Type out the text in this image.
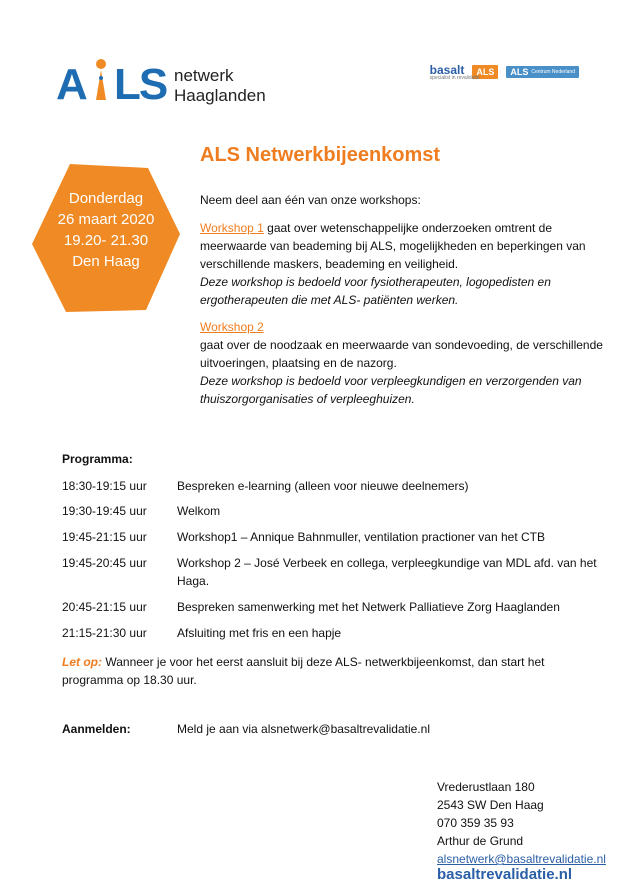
A LS netwerk
Haaglanden
basalt
specialist in revalidatie
ALS	ALS Centrum Nederland
Donderdag
26 maart 2020
19.20- 21.30
Den Haag
ALS Netwerkbijeenkomst
Neem deel aan één van onze workshops:
Workshop 1 gaat over wetenschappelijke onderzoeken omtrent de meerwaarde van beademing bij ALS, mogelijkheden en beperkingen van verschillende maskers, beademing en veiligheid.
Deze workshop is bedoeld voor fysiotherapeuten, logopedisten en ergotherapeuten die met ALS- patiënten werken.
Workshop 2
gaat over de noodzaak en meerwaarde van sondevoeding, de verschillende uitvoeringen, plaatsing en de nazorg.
Deze workshop is bedoeld voor verpleegkundigen en verzorgenden van thuiszorgorganisaties of verpleeghuizen.
Programma:
18:30-19:15 uur	Bespreken e-learning (alleen voor nieuwe deelnemers)
19:30-19:45 uur	Welkom
19:45-21:15 uur	Workshop1 – Annique Bahnmuller, ventilation practioner van het CTB
19:45-20:45 uur	Workshop 2 – José Verbeek en collega, verpleegkundige van MDL afd. van het Haga.
20:45-21:15 uur	Bespreken samenwerking met het Netwerk Palliatieve Zorg Haaglanden
21:15-21:30 uur	Afsluiting met fris en een hapje
Let op: Wanneer je voor het eerst aansluit bij deze ALS- netwerkbijeenkomst, dan start het programma op 18.30 uur.
Aanmelden:	Meld je aan via alsnetwerk@basaltrevalidatie.nl
Vrederustlaan 180
2543 SW Den Haag
070 359 35 93
Arthur de Grund
alsnetwerk@basaltrevalidatie.nl
basaltrevalidatie.nl
